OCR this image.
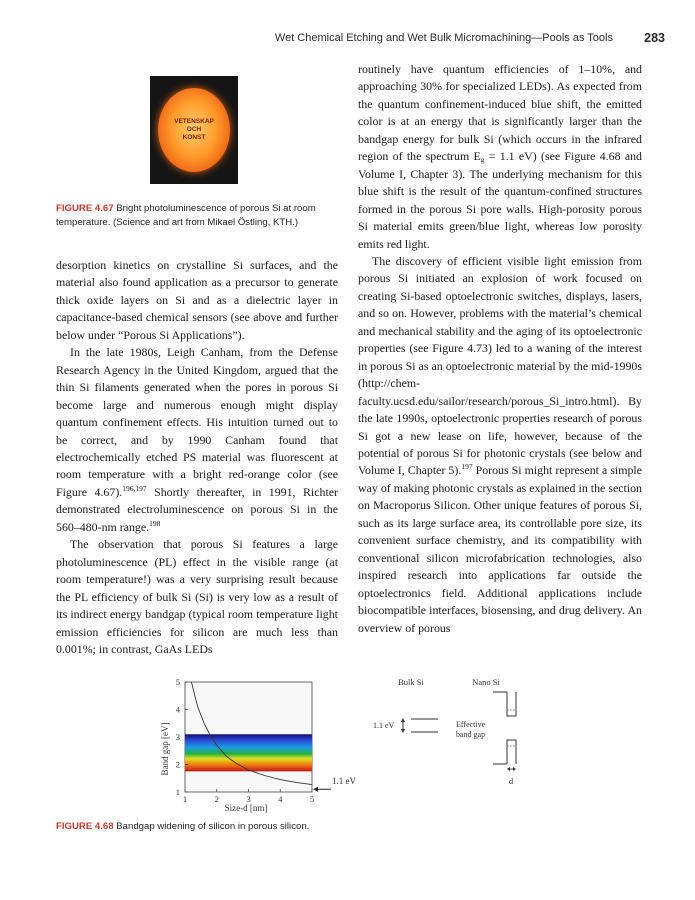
Wet Chemical Etching and Wet Bulk Micromachining—Pools as Tools 283
VETENSKAP
OCH
KONST
FIGURE 4.67 Bright photoluminescence of porous Si at room temperature. (Science and art from Mikael Östling, KTH.)

desorption kinetics on crystalline Si surfaces, and the material also found application as a precursor to generate thick oxide layers on Si and as a dielectric layer in capacitance-based chemical sensors (see above and further below under “Porous Si Applications”).

In the late 1980s, Leigh Canham, from the Defense Research Agency in the United Kingdom, argued that the thin Si filaments generated when the pores in porous Si become large and numerous enough might display quantum confinement effects. His intuition turned out to be correct, and by 1990 Canham found that electrochemically etched PS material was fluorescent at room temperature with a bright red-orange color (see Figure 4.67).$^{196,197}$ Shortly thereafter, in 1991, Richter demonstrated electroluminescence on porous Si in the 560–480-nm range.$^{198}$

The observation that porous Si features a large photoluminescence (PL) effect in the visible range (at room temperature!) was a very surprising result because the PL efficiency of bulk Si (Si) is very low as a result of its indirect energy bandgap (typical room temperature light emission efficiencies for silicon are much less than 0.001%; in contrast, GaAs LEDs

routinely have quantum efficiencies of 1–10%, and approaching 30% for specialized LEDs). As expected from the quantum confinement-induced blue shift, the emitted color is at an energy that is significantly larger than the bandgap energy for bulk Si (which occurs in the infrared region of the spectrum $E_g = 1.1$ eV) (see Figure 4.68 and Volume I, Chapter 3). The underlying mechanism for this blue shift is the result of the quantum-confined structures formed in the porous Si pore walls. High-porosity porous Si material emits green/blue light, whereas low porosity emits red light.

The discovery of efficient visible light emission from porous Si initiated an explosion of work focused on creating Si-based optoelectronic switches, displays, lasers, and so on. However, problems with the material’s chemical and mechanical stability and the aging of its optoelectronic properties (see Figure 4.73) led to a waning of the interest in porous Si as an optoelectronic material by the mid-1990s (http://chem-faculty.ucsd.edu/sailor/research/porous_Si_intro.html). By the late 1990s, optoelectronic properties research of porous Si got a new lease on life, however, because of the potential of porous Si for photonic crystals (see below and Volume I, Chapter 5).$^{197}$ Porous Si might represent a simple way of making photonic crystals as explained in the section on Macroporus Silicon. Other unique features of porous Si, such as its large surface area, its controllable pore size, its convenient surface chemistry, and its compatibility with conventional silicon microfabrication technologies, also inspired research into applications far outside the optoelectronics field. Additional applications include biocompatible interfaces, biosensing, and drug delivery. An overview of porous

1	2	3	4	5
1
2
3
4
5
Band gap [eV]
Size-d [nm]
1.1 eV
Bulk Si	Nano Si
1.1 eV	Effective
band gap
d
FIGURE 4.68 Bandgap widening of silicon in porous silicon.
